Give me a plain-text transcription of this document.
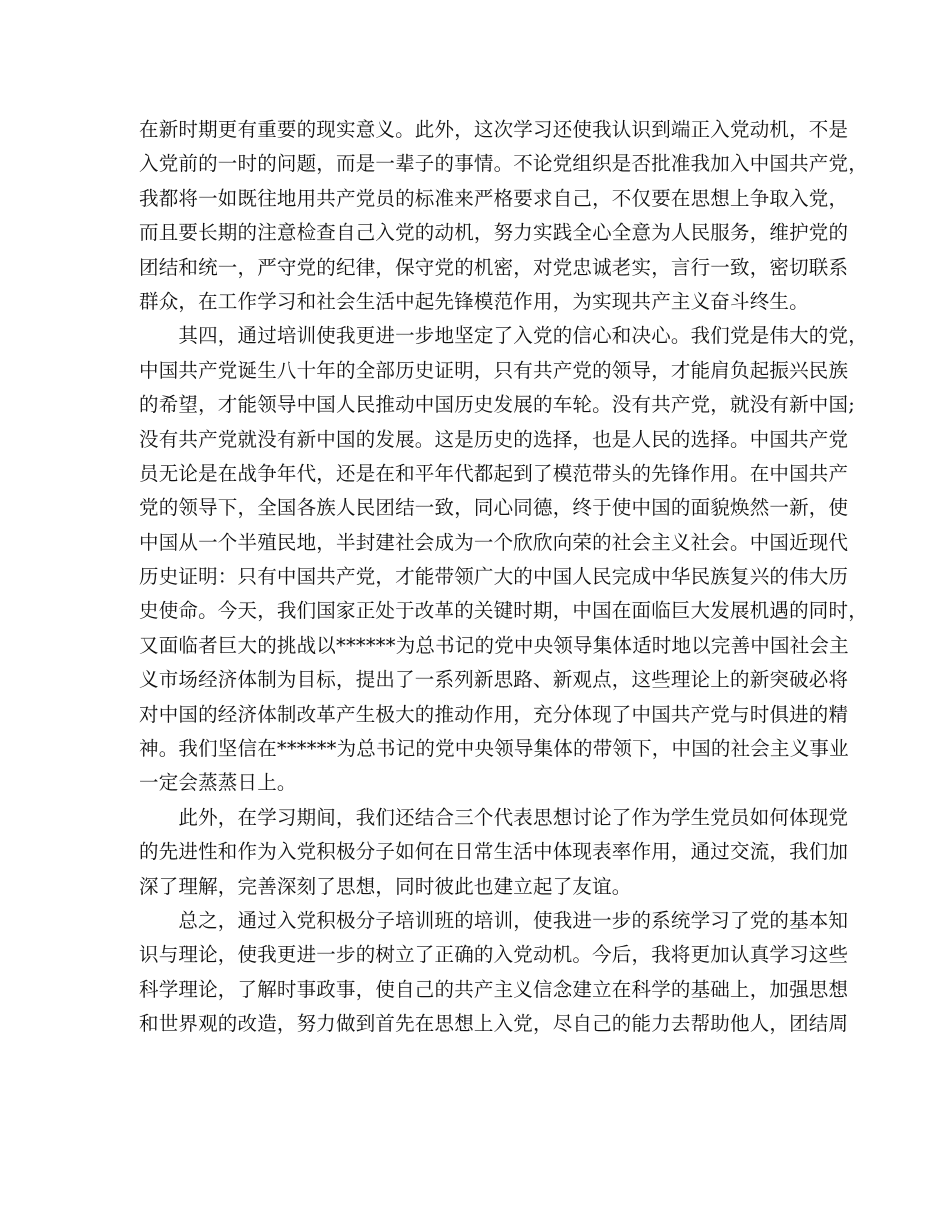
在新时期更有重要的现实意义。此外，这次学习还使我认识到端正入党动机，不是
入党前的一时的问题，而是一辈子的事情。不论党组织是否批准我加入中国共产党，
我都将一如既往地用共产党员的标准来严格要求自己，不仅要在思想上争取入党，
而且要长期的注意检查自己入党的动机，努力实践全心全意为人民服务，维护党的
团结和统一，严守党的纪律，保守党的机密，对党忠诚老实，言行一致，密切联系
群众，在工作学习和社会生活中起先锋模范作用，为实现共产主义奋斗终生。
　　其四，通过培训使我更进一步地坚定了入党的信心和决心。我们党是伟大的党，
中国共产党诞生八十年的全部历史证明，只有共产党的领导，才能肩负起振兴民族
的希望，才能领导中国人民推动中国历史发展的车轮。没有共产党，就没有新中国;
没有共产党就没有新中国的发展。这是历史的选择，也是人民的选择。中国共产党
员无论是在战争年代，还是在和平年代都起到了模范带头的先锋作用。在中国共产
党的领导下，全国各族人民团结一致，同心同德，终于使中国的面貌焕然一新，使
中国从一个半殖民地，半封建社会成为一个欣欣向荣的社会主义社会。中国近现代
历史证明：只有中国共产党，才能带领广大的中国人民完成中华民族复兴的伟大历
史使命。今天，我们国家正处于改革的关键时期，中国在面临巨大发展机遇的同时，
又面临者巨大的挑战以******为总书记的党中央领导集体适时地以完善中国社会主
义市场经济体制为目标，提出了一系列新思路、新观点，这些理论上的新突破必将
对中国的经济体制改革产生极大的推动作用，充分体现了中国共产党与时俱进的精
神。我们坚信在******为总书记的党中央领导集体的带领下，中国的社会主义事业
一定会蒸蒸日上。
　　此外，在学习期间，我们还结合三个代表思想讨论了作为学生党员如何体现党
的先进性和作为入党积极分子如何在日常生活中体现表率作用，通过交流，我们加
深了理解，完善深刻了思想，同时彼此也建立起了友谊。
　　总之，通过入党积极分子培训班的培训，使我进一步的系统学习了党的基本知
识与理论，使我更进一步的树立了正确的入党动机。今后，我将更加认真学习这些
科学理论，了解时事政事，使自己的共产主义信念建立在科学的基础上，加强思想
和世界观的改造，努力做到首先在思想上入党，尽自己的能力去帮助他人，团结周
